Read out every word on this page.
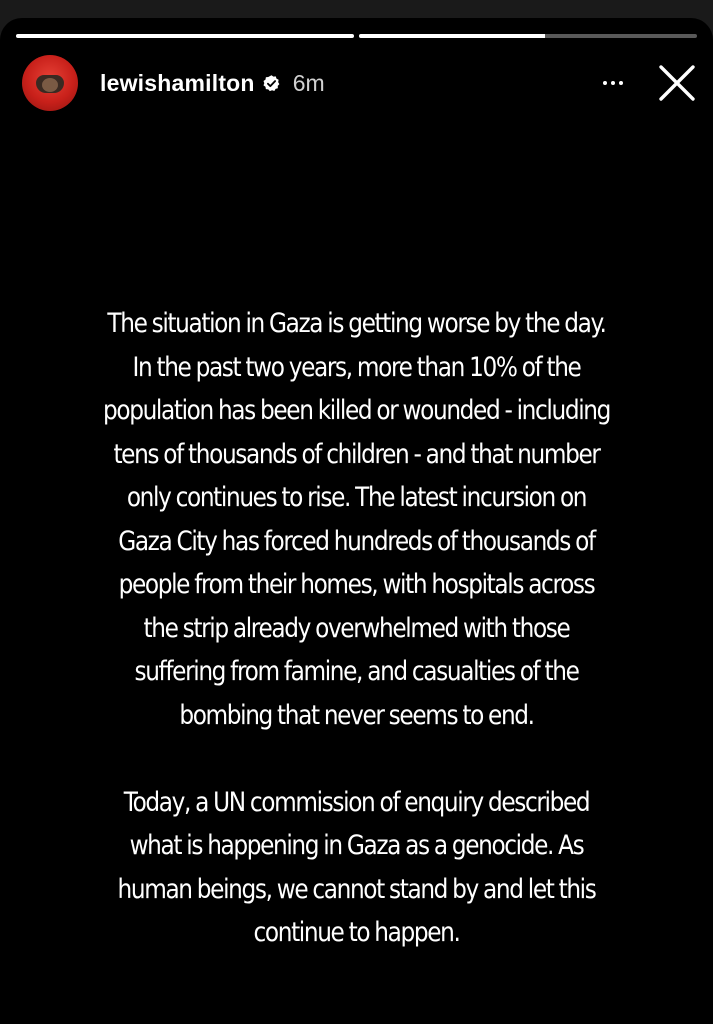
lewishamilton 6m

The situation in Gaza is getting worse by the day. In the past two years, more than 10% of the population has been killed or wounded - including tens of thousands of children - and that number only continues to rise. The latest incursion on Gaza City has forced hundreds of thousands of people from their homes, with hospitals across the strip already overwhelmed with those suffering from famine, and casualties of the bombing that never seems to end.

Today, a UN commission of enquiry described what is happening in Gaza as a genocide. As human beings, we cannot stand by and let this continue to happen.
